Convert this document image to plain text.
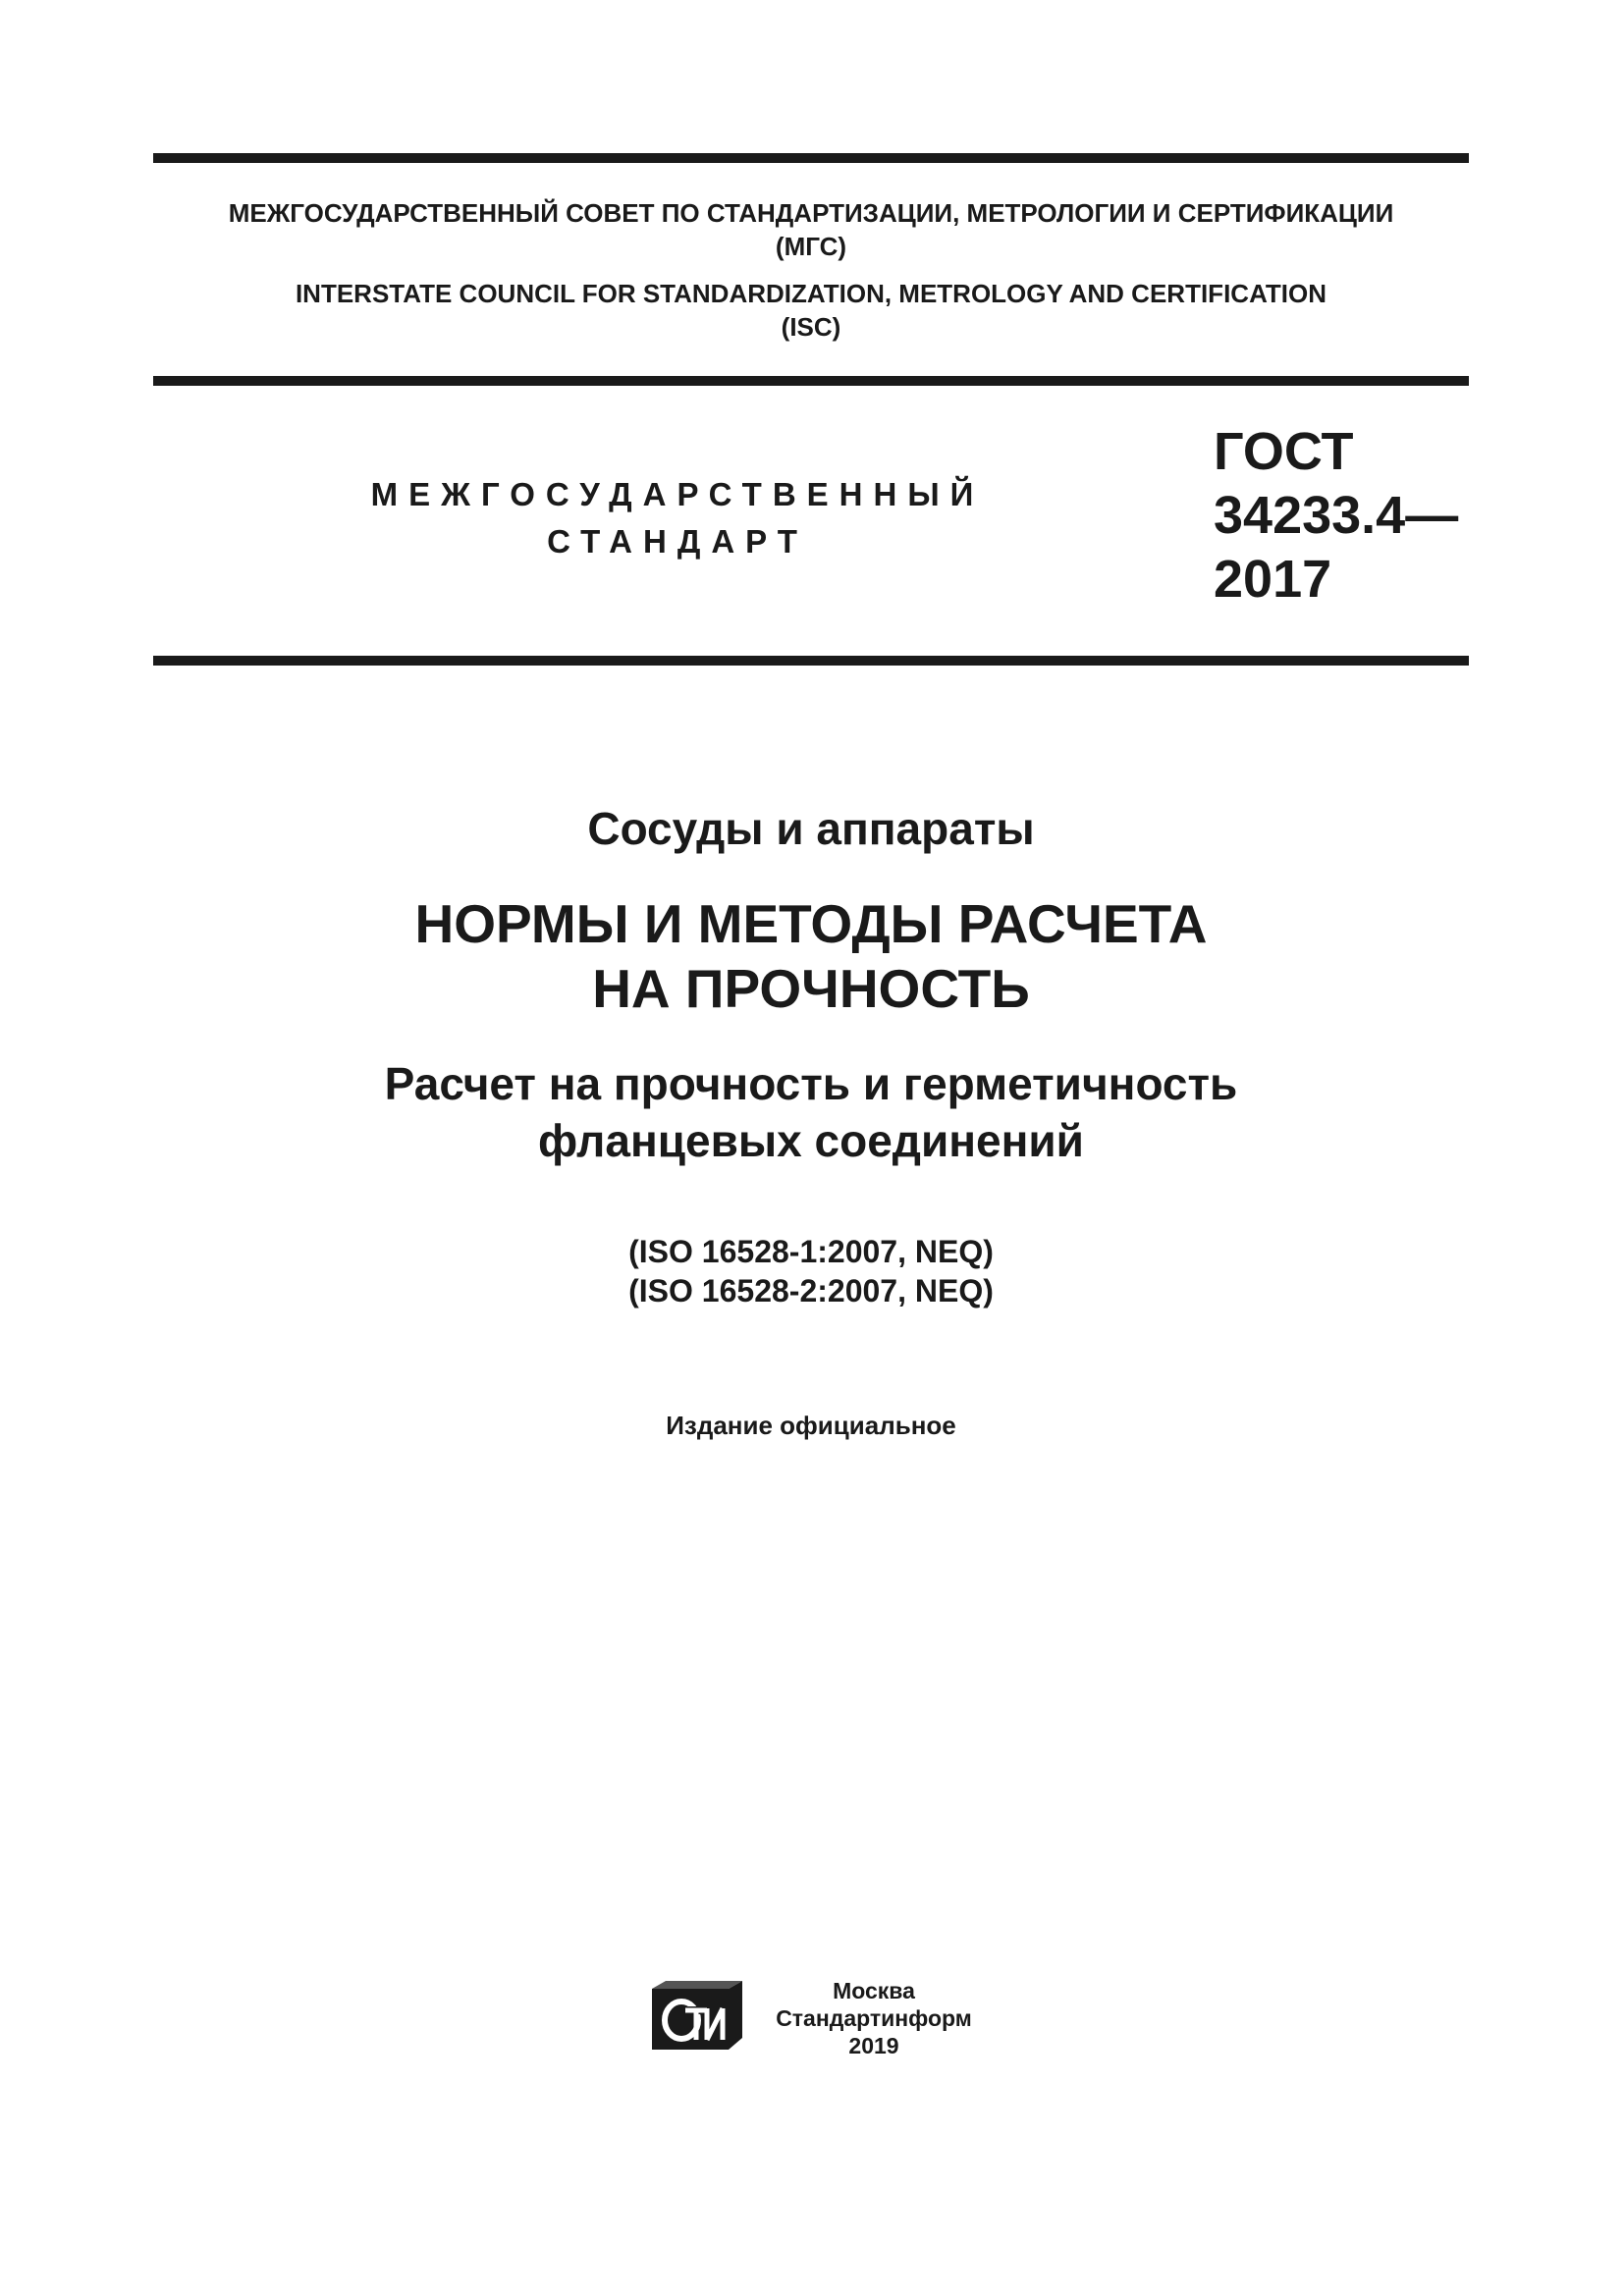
МЕЖГОСУДАРСТВЕННЫЙ СОВЕТ ПО СТАНДАРТИЗАЦИИ, МЕТРОЛОГИИ И СЕРТИФИКАЦИИ
(МГС)
INTERSTATE COUNCIL FOR STANDARDIZATION, METROLOGY AND CERTIFICATION
(ISC)
МЕЖГОСУДАРСТВЕННЫЙ
СТАНДАРТ
ГОСТ
34233.4—
2017
Сосуды и аппараты
НОРМЫ И МЕТОДЫ РАСЧЕТА
НА ПРОЧНОСТЬ
Расчет на прочность и герметичность
фланцевых соединений
(ISO 16528-1:2007, NEQ)
(ISO 16528-2:2007, NEQ)
Издание официальное
Москва
Стандартинформ
2019
